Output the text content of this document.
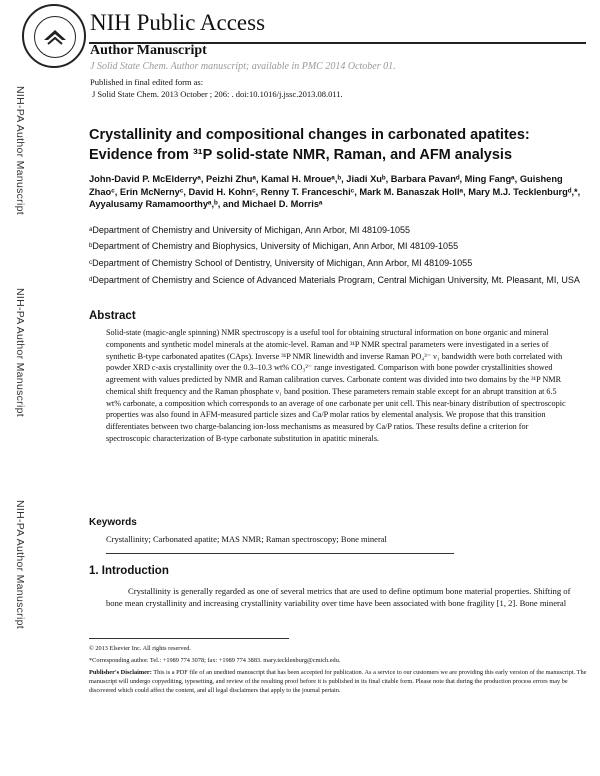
NIH-PA Author Manuscript
NIH-PA Author Manuscript
NIH-PA Author Manuscript
NIH Public Access
Author Manuscript
J Solid State Chem. Author manuscript; available in PMC 2014 October 01.
Published in final edited form as:
J Solid State Chem. 2013 October ; 206: . doi:10.1016/j.jssc.2013.08.011.
Crystallinity and compositional changes in carbonated apatites: Evidence from ³¹P solid-state NMR, Raman, and AFM analysis
John-David P. McElderryᵃ, Peizhi Zhuᵃ, Kamal H. Mroueᵃ,ᵇ, Jiadi Xuᵇ, Barbara Pavanᵈ, Ming Fangᵃ, Guisheng Zhaoᶜ, Erin McNernyᶜ, David H. Kohnᶜ, Renny T. Franceschiᶜ, Mark M. Banaszak Hollᵃ, Mary M.J. Tecklenburgᵈ,*, Ayyalusamy Ramamoorthyᵃ,ᵇ, and Michael D. Morrisᵃ
ᵃDepartment of Chemistry and University of Michigan, Ann Arbor, MI 48109-1055
ᵇDepartment of Chemistry and Biophysics, University of Michigan, Ann Arbor, MI 48109-1055
ᶜDepartment of Chemistry School of Dentistry, University of Michigan, Ann Arbor, MI 48109-1055
ᵈDepartment of Chemistry and Science of Advanced Materials Program, Central Michigan University, Mt. Pleasant, MI, USA
Abstract
Solid-state (magic-angle spinning) NMR spectroscopy is a useful tool for obtaining structural information on bone organic and mineral components and synthetic model minerals at the atomic-level. Raman and ³¹P NMR spectral parameters were investigated in a series of synthetic B-type carbonated apatites (CAps). Inverse ³¹P NMR linewidth and inverse Raman PO₄³⁻ ν₁ bandwidth were both correlated with powder XRD c-axis crystallinity over the 0.3–10.3 wt% CO₃²⁻ range investigated. Comparison with bone powder crystallinities showed agreement with values predicted by NMR and Raman calibration curves. Carbonate content was divided into two domains by the ³¹P NMR chemical shift frequency and the Raman phosphate ν₁ band position. These parameters remain stable except for an abrupt transition at 6.5 wt% carbonate, a composition which corresponds to an average of one carbonate per unit cell. This near-binary distribution of spectroscopic properties was also found in AFM-measured particle sizes and Ca/P molar ratios by elemental analysis. We propose that this transition differentiates between two charge-balancing ion-loss mechanisms as measured by Ca/P ratios. These results define a criterion for spectroscopic characterization of B-type carbonate substitution in apatitic minerals.
Keywords
Crystallinity; Carbonated apatite; MAS NMR; Raman spectroscopy; Bone mineral
1. Introduction
Crystallinity is generally regarded as one of several metrics that are used to define optimum bone material properties. Shifting of bone mean crystallinity and increasing crystallinity variability over time have been associated with bone fragility [1, 2]. Bone mineral
© 2013 Elsevier Inc. All rights reserved.
*Corresponding author. Tel.: +1989 774 3078; fax: +1989 774 3883. mary.tecklenburg@cmich.edu.
Publisher's Disclaimer: This is a PDF file of an unedited manuscript that has been accepted for publication. As a service to our customers we are providing this early version of the manuscript. The manuscript will undergo copyediting, typesetting, and review of the resulting proof before it is published in its final citable form. Please note that during the production process errors may be discovered which could affect the content, and all legal disclaimers that apply to the journal pertain.
